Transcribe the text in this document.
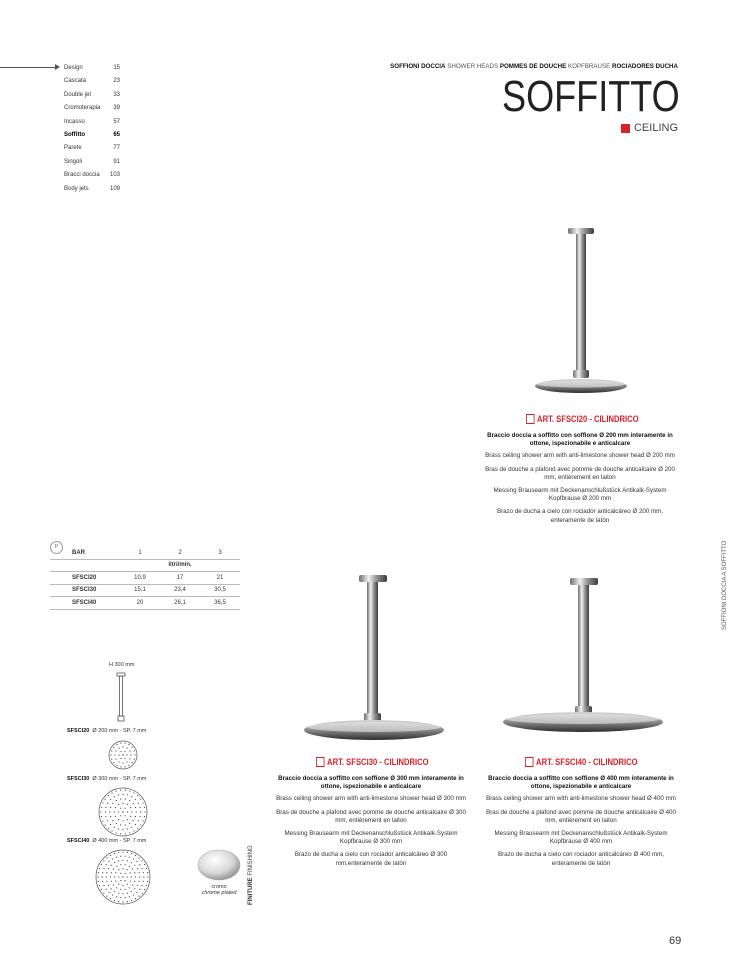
Design	15
Cascata	23
Double jet	33
Cromoterapia 39
Incasso	57
Soffitto	65
Parete	77
Singoli	91
Bracci doccia 103
Body jets	109
SOFFIONI DOCCIA SHOWER HEADS POMMES DE DOUCHE KOPFBRAUSE ROCIADORES DUCHA
SOFFITTO
CEILING
SOFFIONI DOCCIA A SOFFITTO
ART. SFSCI20 - CILINDRICO
Braccio doccia a soffitto con soffione Ø 200 mm interamente in ottone, ispezionabile e anticalcare
Brass ceiling shower arm with anti-limestone shower head Ø 200 mm
Bras de douche a plafond avec pomme de douche anticalcaire Ø 200 mm, entièrement en laiton
Messing Brausearm mit Deckenanschlußstück Antikalk-System Kopfbrause Ø 200 mm
Brazo de ducha a cielo con rociador anticalcáreo Ø 200 mm, enteramente de latón
ART. SFSCI30 - CILINDRICO
Braccio doccia a soffitto con soffione Ø 300 mm interamente in ottone, ispezionabile e anticalcare
Brass ceiling shower arm with anti-limestone shower head Ø 300 mm
Bras de douche a plafond avec pomme de douche anticalcaire Ø 300 mm, entièrement en laiton
Messing Brausearm mit Deckenanschlußstück Antikalk-System Kopfbrause Ø 300 mm
Brazo de ducha a cielo con rociador anticalcáreo Ø 300 mm,enteramente de latón
ART. SFSCI40 - CILINDRICO
Braccio doccia a soffitto con soffione Ø 400 mm interamente in ottone, ispezionabile e anticalcare
Brass ceiling shower arm with anti-limestone shower head Ø 400 mm
Bras de douche a plafond avec pomme de douche anticalcaire Ø 400 mm, entièrement en laiton
Messing Brausearm mit Deckenanschlußstück Antikalk-System Kopfbrause Ø 400 mm
Brazo de ducha a cielo con rociador anticalcáreo Ø 400 mm, enteramente de latón
P
BAR	1	2	3
	litri/min.		
SFSCI20	10,9	17	21
SFSCI30	15,1	23,4	30,5
SFSCI40	20	26,1	36,5
H 300 mm
SFSCI20 Ø 200 mm - SP. 7 mm
SFSCI30 Ø 300 mm - SP. 7 mm
SFSCI40 Ø 400 mm - SP. 7 mm
cromo
chrome plated	FINITURE FINISHING
69
